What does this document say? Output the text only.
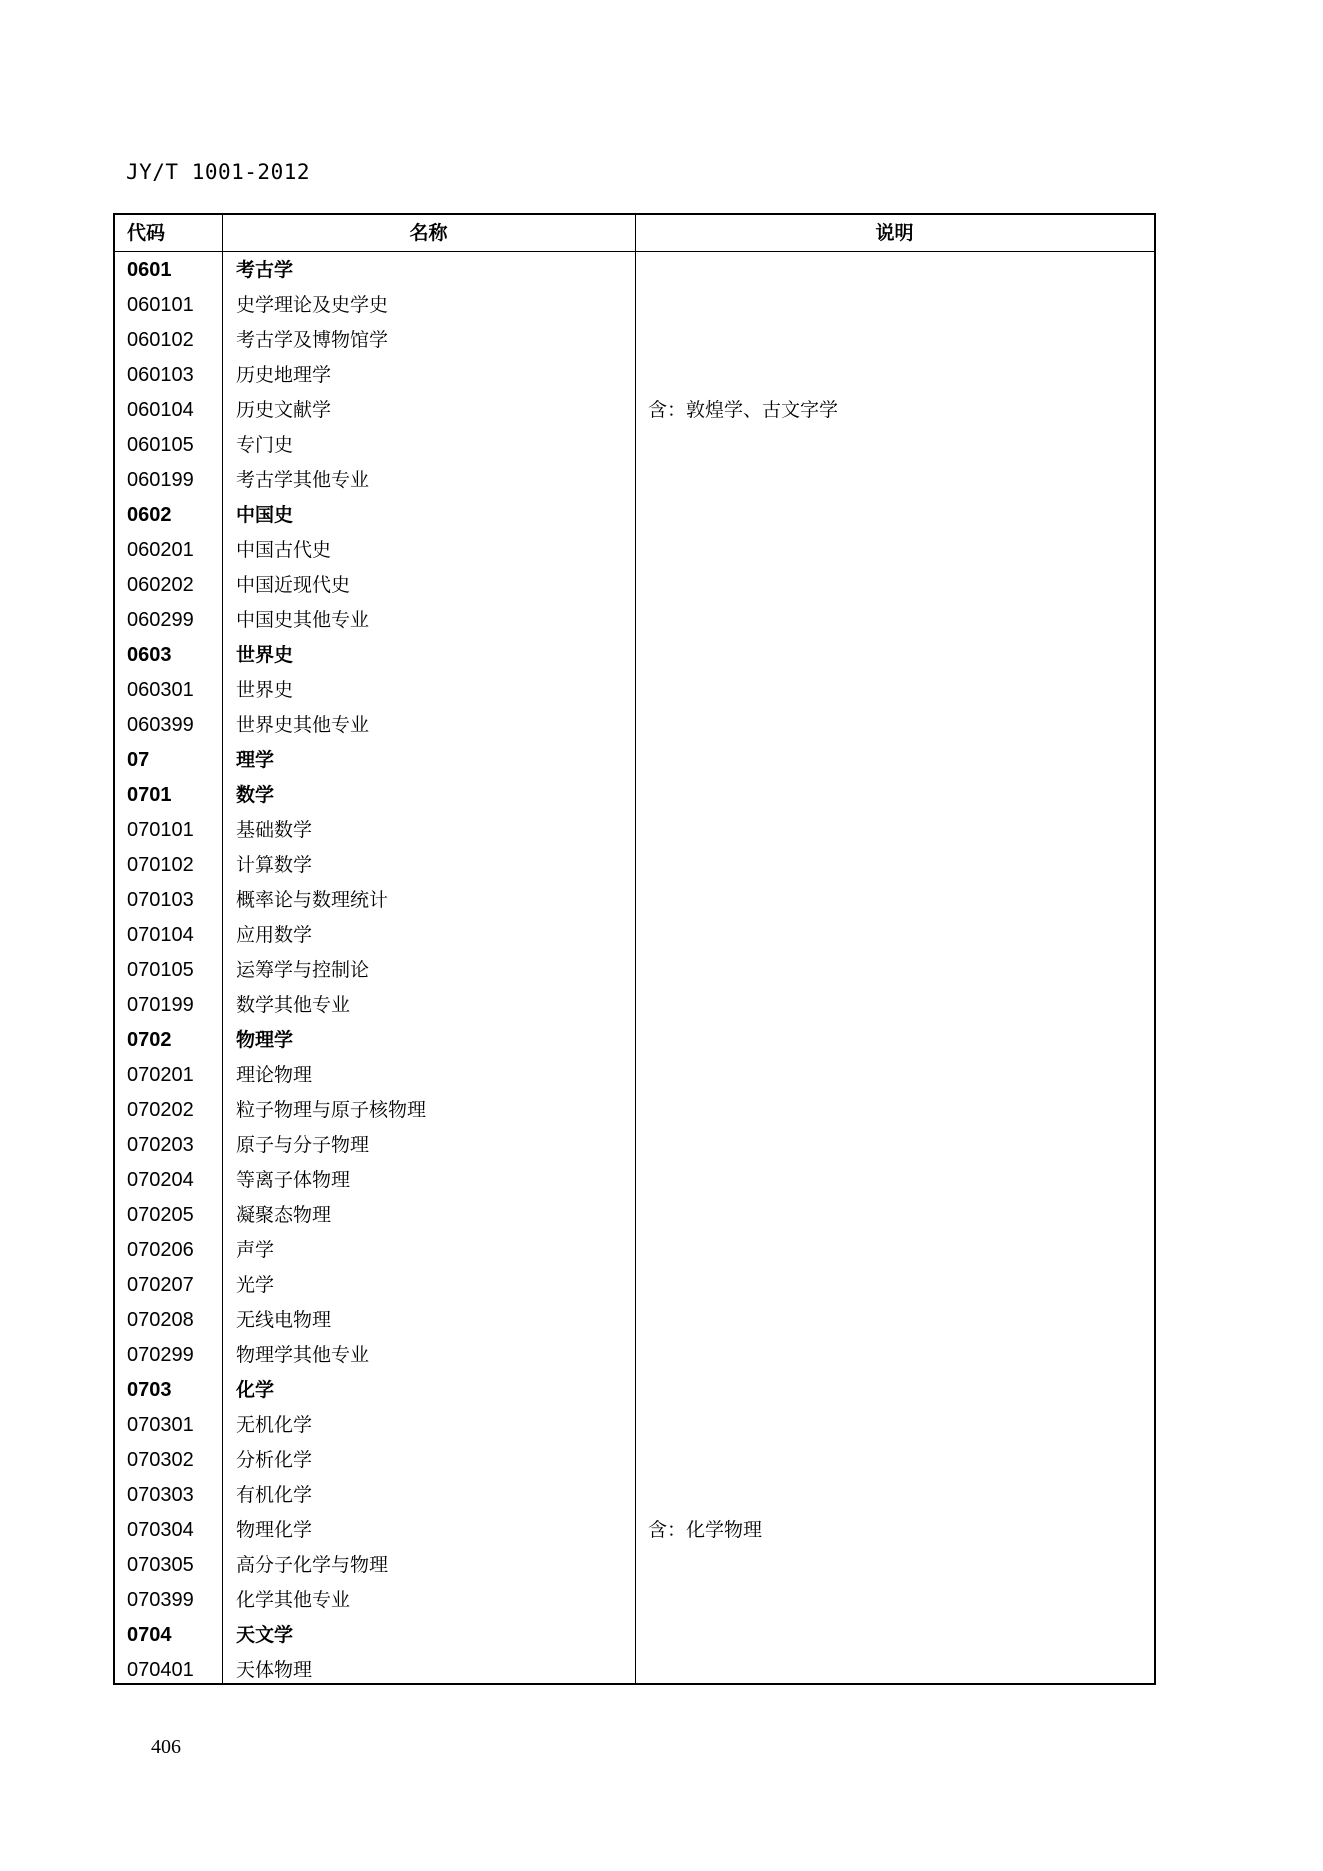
JY/T 1001-2012
代码	名称	说明
0601	考古学
060101 史学理论及史学史
060102 考古学及博物馆学
060103 历史地理学
060104 历史文献学	含：敦煌学、古文字学
060105 专门史
060199 考古学其他专业
0602	中国史
060201 中国古代史
060202 中国近现代史
060299 中国史其他专业
0603	世界史
060301 世界史
060399 世界史其他专业
07	理学
0701	数学
070101 基础数学
070102 计算数学
070103 概率论与数理统计
070104 应用数学
070105 运筹学与控制论
070199 数学其他专业
0702	物理学
070201 理论物理
070202 粒子物理与原子核物理
070203 原子与分子物理
070204 等离子体物理
070205 凝聚态物理
070206 声学
070207 光学
070208 无线电物理
070299 物理学其他专业
0703	化学
070301 无机化学
070302 分析化学
070303 有机化学
070304 物理化学	含：化学物理
070305 高分子化学与物理
070399 化学其他专业
0704	天文学
070401 天体物理
406
